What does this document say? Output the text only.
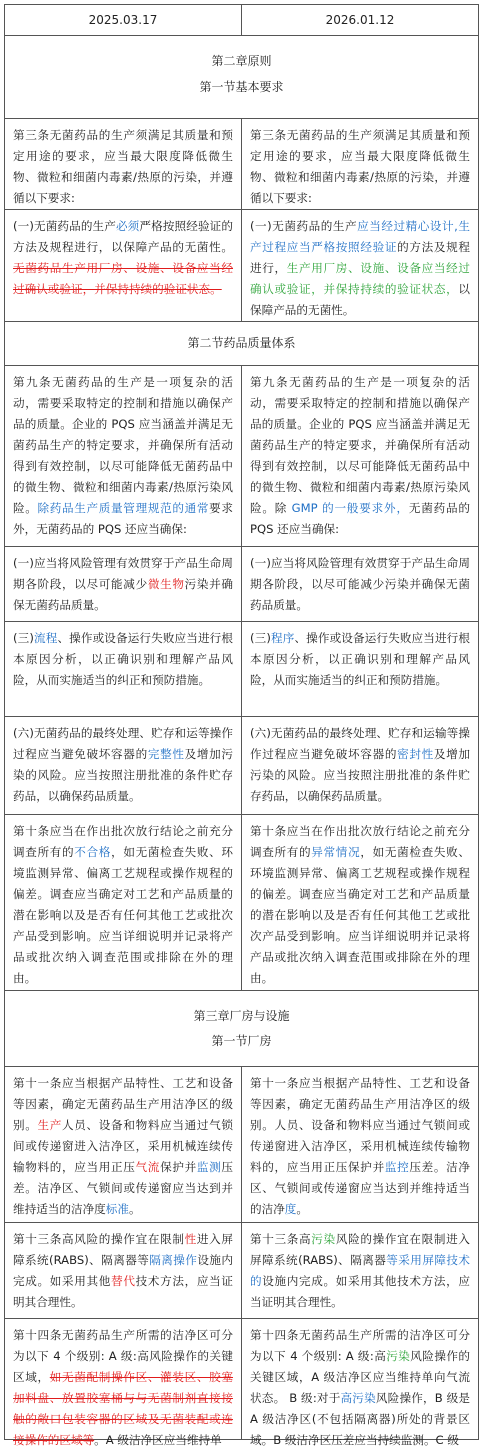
2025.03.17	2026.01.12

第二章原则

第一节基本要求

第三条无菌药品的生产须满足其质量和预定用途的要求，应当最大限度降低微生物、微粒和细菌内毒素/热原的污染，并遵循以下要求:
第三条无菌药品的生产须满足其质量和预定用途的要求，应当最大限度降低微生物、微粒和细菌内毒素/热原的污染，并遵循以下要求:
(一)无菌药品的生产必须严格按照经验证的方法及规程进行，以保障产品的无菌性。无菌药品生产用厂房、设施、设备应当经过确认或验证，并保持持续的验证状态。
(一)无菌药品的生产应当经过精心设计,生产过程应当严格按照经验证的方法及规程进行，生产用厂房、设施、设备应当经过确认或验证，并保持持续的验证状态，以保障产品的无菌性。

第二节药品质量体系

第九条无菌药品的生产是一项复杂的活动，需要采取特定的控制和措施以确保产品的质量。企业的 PQS 应当涵盖并满足无菌药品生产的特定要求，并确保所有活动得到有效控制，以尽可能降低无菌药品中的微生物、微粒和细菌内毒素/热原污染风险。除药品生产质量管理规范的通常要求外，无菌药品的 PQS 还应当确保:
第九条无菌药品的生产是一项复杂的活动，需要采取特定的控制和措施以确保产品的质量。企业的 PQS 应当涵盖并满足无菌药品生产的特定要求，并确保所有活动得到有效控制，以尽可能降低无菌药品中的微生物、微粒和细菌内毒素/热原污染风险。除 GMP 的一般要求外，无菌药品的 PQS 还应当确保:
(一)应当将风险管理有效贯穿于产品生命周期各阶段，以尽可能减少微生物污染并确保无菌药品质量。
(一)应当将风险管理有效贯穿于产品生命周期各阶段，以尽可能减少污染并确保无菌药品质量。
(三)流程、操作或设备运行失败应当进行根本原因分析，以正确识别和理解产品风险，从而实施适当的纠正和预防措施。
(三)程序、操作或设备运行失败应当进行根本原因分析，以正确识别和理解产品风险，从而实施适当的纠正和预防措施。
(六)无菌药品的最终处理、贮存和运等操作过程应当避免破坏容器的完整性及增加污染的风险。应当按照注册批准的条件贮存药品，以确保药品质量。
(六)无菌药品的最终处理、贮存和运输等操作过程应当避免破坏容器的密封性及增加污染的风险。应当按照注册批准的条件贮存药品，以确保药品质量。
第十条应当在作出批次放行结论之前充分调查所有的不合格，如无菌检查失败、环境监测异常、偏离工艺规程或操作规程的偏差。调查应当确定对工艺和产品质量的潜在影响以及是否有任何其他工艺或批次产品受到影响。应当详细说明并记录将产品或批次纳入调查范围或排除在外的理由。
第十条应当在作出批次放行结论之前充分调查所有的异常情况，如无菌检查失败、环境监测异常、偏离工艺规程或操作规程的偏差。调查应当确定对工艺和产品质量的潜在影响以及是否有任何其他工艺或批次产品受到影响。应当详细说明并记录将产品或批次纳入调查范围或排除在外的理由。

第三章厂房与设施

第一节厂房

第十一条应当根据产品特性、工艺和设备等因素，确定无菌药品生产用洁净区的级别。生产人员、设备和物料应当通过气锁间或传递窗进入洁净区，采用机械连续传输物料的，应当用正压气流保护并监测压差。洁净区、气锁间或传递窗应当达到并维持适当的洁净度标准。
第十一条应当根据产品特性、工艺和设备等因素，确定无菌药品生产用洁净区的级别。人员、设备和物料应当通过气锁间或传递窗进入洁净区，采用机械连续传输物料的，应当用正压保护并监控压差。洁净区、气锁间或传递窗应当达到并维持适当的洁净度。
第十三条高风险的操作宜在限制性进入屏障系统(RABS)、隔离器等隔离操作设施内完成。如采用其他替代技术方法，应当证明其合理性。
第十三条高污染风险的操作宜在限制进入屏障系统(RABS)、隔离器等采用屏障技术的设施内完成。如采用其他技术方法，应当证明其合理性。
第十四条无菌药品生产所需的洁净区可分为以下 4 个级别: A 级:高风险操作的关键区域，如无菌配制操作区、灌装区、胶塞加料盘、放置胶塞桶与与无菌制剂直接接触的敞口包装容器的区域及无菌装配或连接操作的区域等。A 级洁净区应当维持单
第十四条无菌药品生产所需的洁净区可分为以下 4 个级别: A 级:高污染风险操作的关键区域，A 级洁净区应当维持单向气流状态。 B 级:对于高污染风险操作，B 级是 A 级洁净区(不包括隔离器)所处的背景区域。B 级洁净区压差应当持续监测。C 级
